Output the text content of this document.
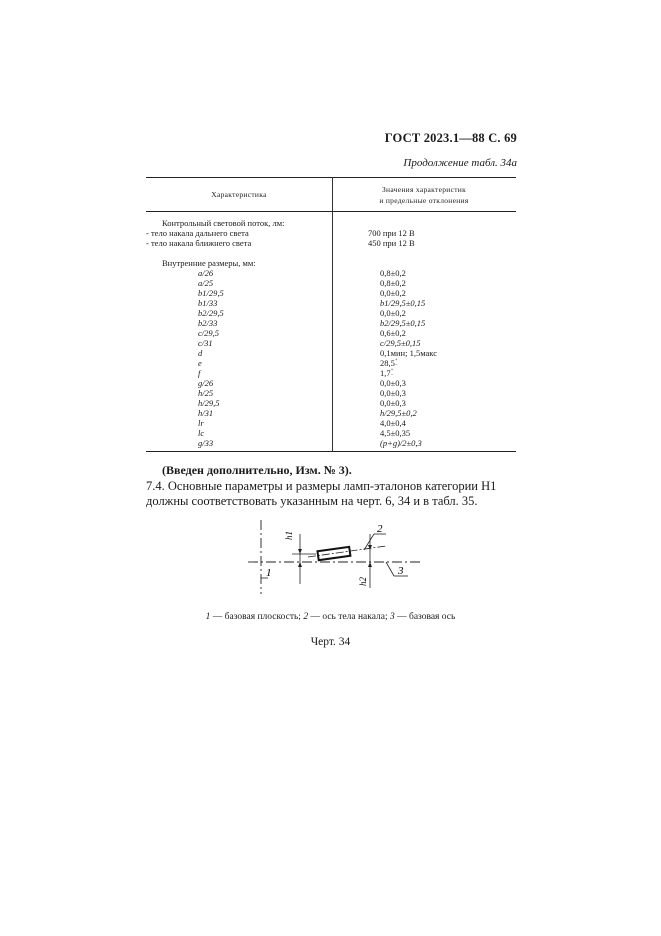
ГОСТ 2023.1—88 С. 69
Продолжение табл. 34а
Характеристика
Значения характеристик
и предельные отклонения
Контрольный световой поток, лм:
- тело накала дальнего света	700 при 12 В
- тело накала ближнего света	450 при 12 В
Внутренние размеры, мм:
a/26	0,8±0,2
a/25	0,8±0,2
b1/29,5	0,0±0,2
b1/33	b1/29,5±0,15
b2/29,5	0,0±0,2
b2/33	b2/29,5±0,15
c/29,5	0,6±0,2
c/31	c/29,5±0,15
d	0,1мин; 1,5макс
e	28,5+
−
f	1,7+
−
g/26	0,0±0,3
h/25	0,0±0,3
h/29,5	0,0±0,3
h/31	h/29,5±0,2
lr	4,0±0,4
lc	4,5±0,35
g/33	(p+g)/2±0,3
(Введен дополнительно, Изм. № 3).
7.4. Основные параметры и размеры ламп-эталонов категории Н1 должны соответствовать указанным на черт. 6, 34 и в табл. 35.
h1
h2
2
3
1
1 — базовая плоскость; 2 — ось тела накала; 3 — базовая ось
Черт. 34
